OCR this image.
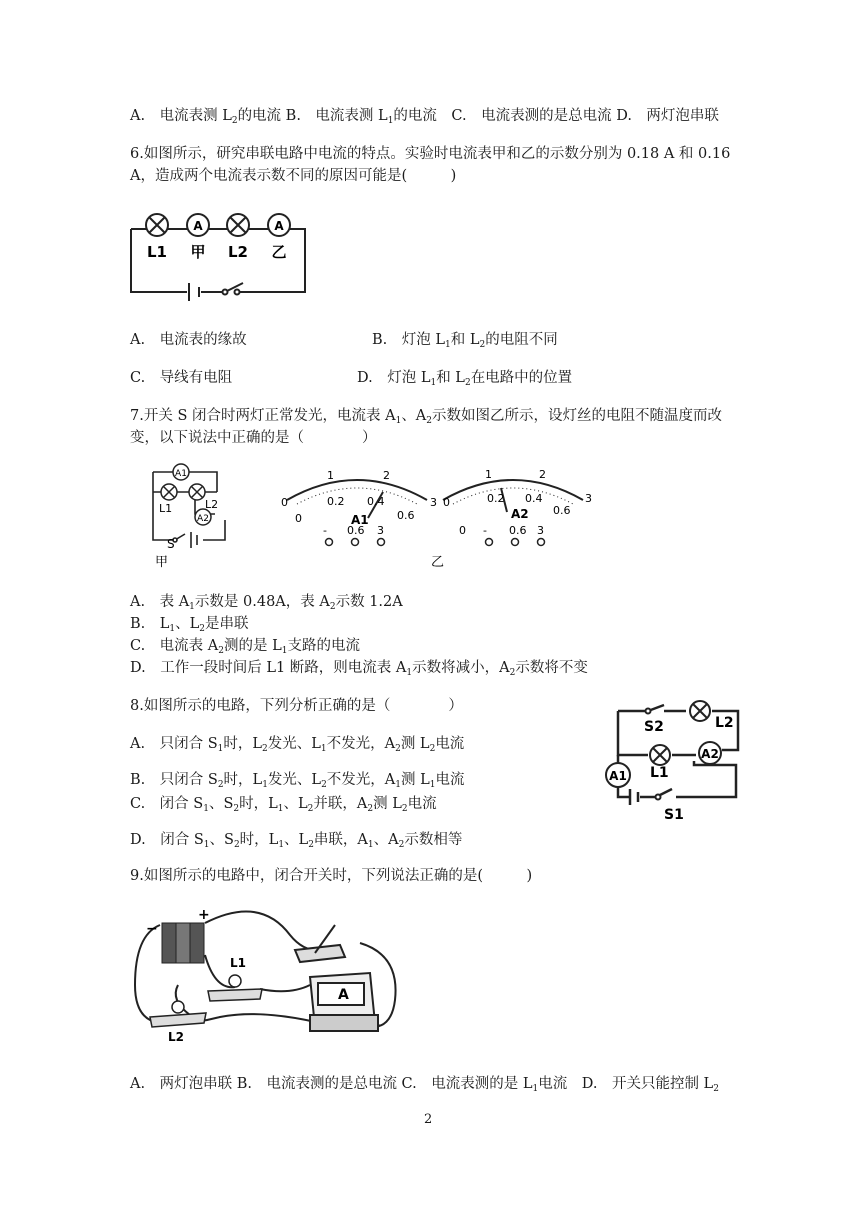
A.　电流表测 $L_2$的电流 B.　电流表测 $L_1$的电流　C.　电流表测的是总电流 D.　两灯泡串联
6.如图所示，研究串联电路中电流的特点。实验时电流表甲和乙的示数分别为 0.18 A 和 0.16
A，造成两个电流表示数不同的原因可能是(　　　)
A	A
L1 甲 L2 乙
A.　电流表的缘故	B.　灯泡 $L_1$和 $L_2$的电阻不同
C.　导线有电阻	D.　灯泡 $L_1$和 $L_2$在电路中的位置
7.开关 S 闭合时两灯正常发光，电流表 $A_1$、$A_2$示数如图乙所示，设灯丝的电阻不随温度而改
变，以下说法中正确的是（　　　　）
A1
A2
L1	L2
S
甲
0
1	2
3
0
0.2 0.4
0.6
A1
- 0.6 3
3
1	2
0	0.2 0.4
0.6
A2
0 - 0.6 3
乙
A.　表 $A_1$示数是 0.48A，表 $A_2$示数 1.2A
B.　$L_1$、$L_2$是串联
C.　电流表 $A_2$测的是 $L_1$支路的电流
D.　工作一段时间后 L1 断路，则电流表 $A_1$示数将减小，$A_2$示数将不变
8.如图所示的电路，下列分析正确的是（　　　　）
A.　只闭合 $S_1$时，$L_2$发光、$L_1$不发光，$A_2$测 $L_2$电流
B.　只闭合 $S_2$时，$L_1$发光、$L_2$不发光，$A_1$测 $L_1$电流
C.　闭合 $S_1$、$S_2$时，$L_1$、$L_2$并联，$A_2$测 $L_2$电流
D.　闭合 $S_1$、$S_2$时，$L_1$、$L_2$串联，$A_1$、$A_2$示数相等
S2	L2
A1 L1
A2
S1
9.如图所示的电路中，闭合开关时，下列说法正确的是(　　　)
+
−
L1
L2
A
A.　两灯泡串联 B.　电流表测的是总电流 C.　电流表测的是 $L_1$电流　D.　开关只能控制 $L_2$
2
